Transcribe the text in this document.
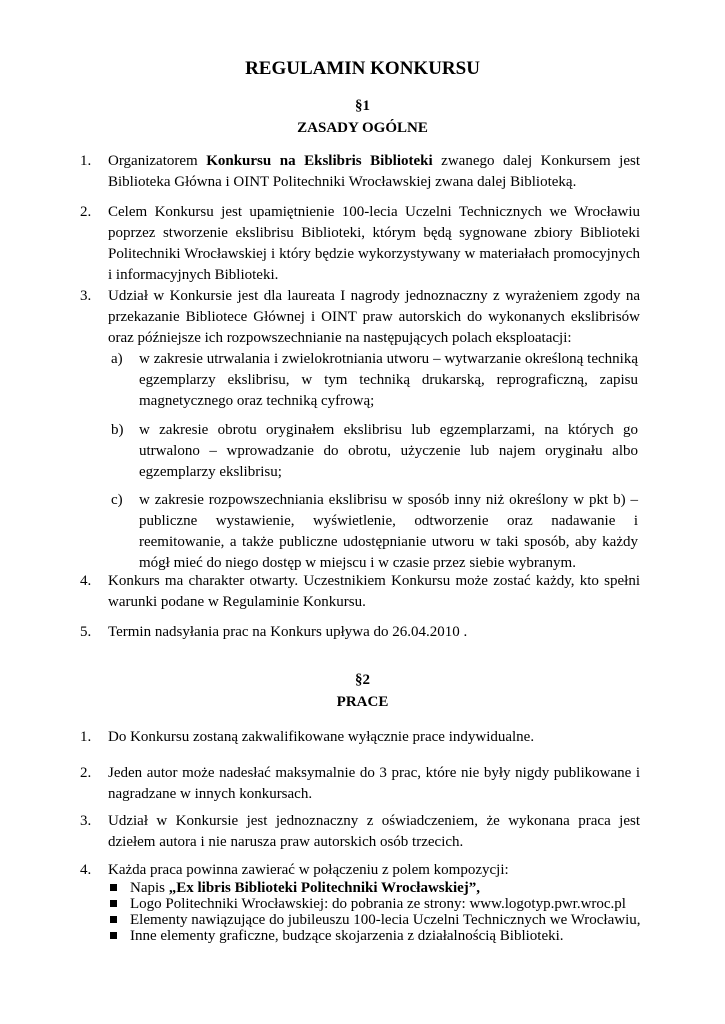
REGULAMIN KONKURSU
§1
ZASADY OGÓLNE
1. Organizatorem Konkursu na Ekslibris Biblioteki zwanego dalej Konkursem jest Biblioteka Główna i OINT Politechniki Wrocławskiej zwana dalej Biblioteką.
2. Celem Konkursu jest upamiętnienie 100-lecia Uczelni Technicznych we Wrocławiu poprzez stworzenie ekslibrisu Biblioteki, którym będą sygnowane zbiory Biblioteki Politechniki Wrocławskiej i który będzie wykorzystywany w materiałach promocyjnych i informacyjnych Biblioteki.
3. Udział w Konkursie jest dla laureata I nagrody jednoznaczny z wyrażeniem zgody na przekazanie Bibliotece Głównej i OINT praw autorskich do wykonanych ekslibrisów oraz późniejsze ich rozpowszechnianie na następujących polach eksploatacji:
a) w zakresie utrwalania i zwielokrotniania utworu – wytwarzanie określoną techniką egzemplarzy ekslibrisu, w tym techniką drukarską, reprograficzną, zapisu magnetycznego oraz techniką cyfrową;
b) w zakresie obrotu oryginałem ekslibrisu lub egzemplarzami, na których go utrwalono – wprowadzanie do obrotu, użyczenie lub najem oryginału albo egzemplarzy ekslibrisu;
c) w zakresie rozpowszechniania ekslibrisu w sposób inny niż określony w pkt b) – publiczne wystawienie, wyświetlenie, odtworzenie oraz nadawanie i reemitowanie, a także publiczne udostępnianie utworu w taki sposób, aby każdy mógł mieć do niego dostęp w miejscu i w czasie przez siebie wybranym.
4. Konkurs ma charakter otwarty. Uczestnikiem Konkursu może zostać każdy, kto spełni warunki podane w Regulaminie Konkursu.
5. Termin nadsyłania prac na Konkurs upływa do 26.04.2010 .
§2
PRACE
1. Do Konkursu zostaną zakwalifikowane wyłącznie prace indywidualne.
2. Jeden autor może nadesłać maksymalnie do 3 prac, które nie były nigdy publikowane i nagradzane w innych konkursach.
3. Udział w Konkursie jest jednoznaczny z oświadczeniem, że wykonana praca jest dziełem autora i nie narusza praw autorskich osób trzecich.
4. Każda praca powinna zawierać w połączeniu z polem kompozycji:
Napis „Ex libris Biblioteki Politechniki Wrocławskiej”,
Logo Politechniki Wrocławskiej: do pobrania ze strony: www.logotyp.pwr.wroc.pl
Elementy nawiązujące do jubileuszu 100-lecia Uczelni Technicznych we Wrocławiu,
Inne elementy graficzne, budzące skojarzenia z działalnością Biblioteki.
